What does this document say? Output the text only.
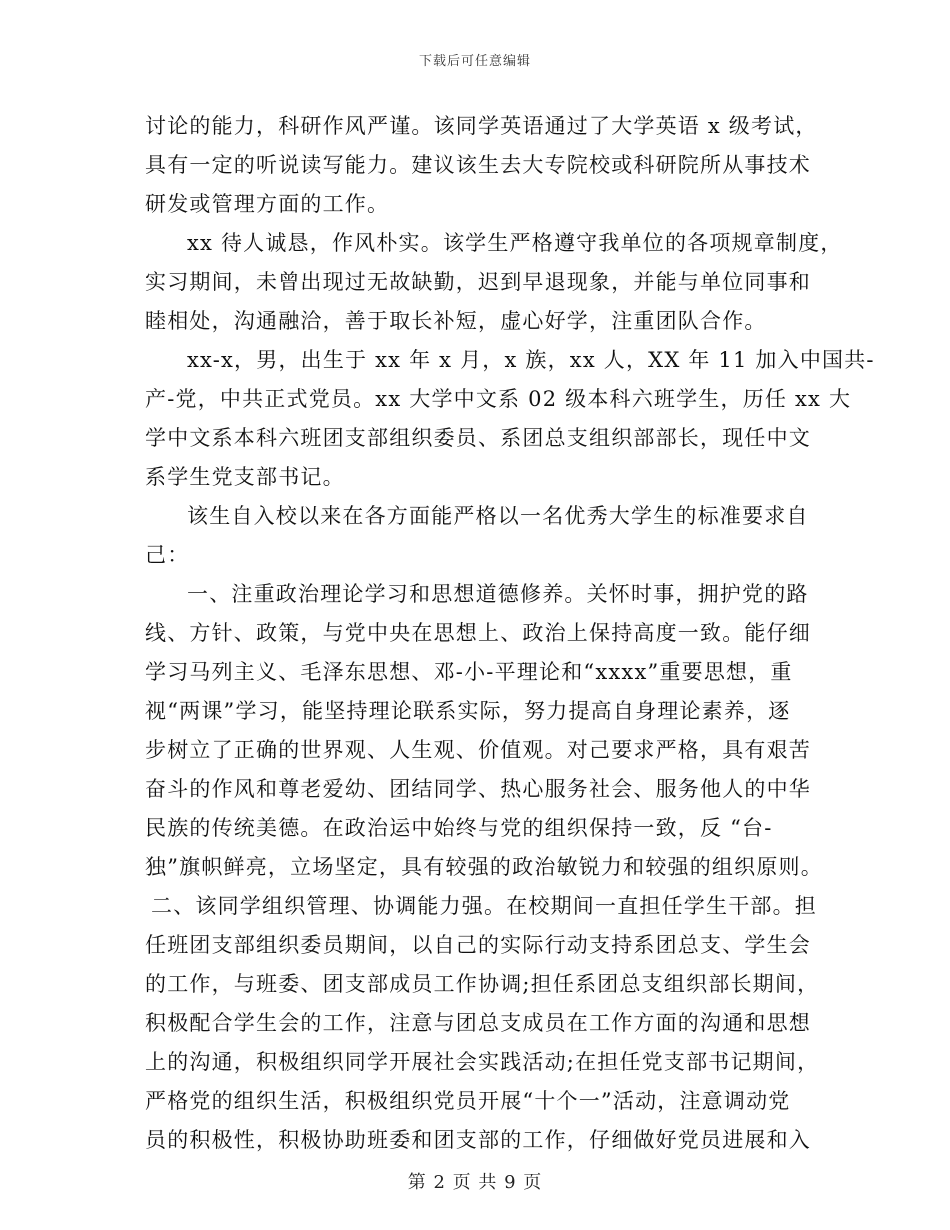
下载后可任意编辑
讨论的能力，科研作风严谨。该同学英语通过了大学英语 x 级考试，
具有一定的听说读写能力。建议该生去大专院校或科研院所从事技术
研发或管理方面的工作。
xx 待人诚恳，作风朴实。该学生严格遵守我单位的各项规章制度，
实习期间，未曾出现过无故缺勤，迟到早退现象，并能与单位同事和
睦相处，沟通融洽，善于取长补短，虚心好学，注重团队合作。
xx-x，男，出生于 xx 年 x 月，x 族，xx 人，XX 年 11 加入中国共-
产-党，中共正式党员。xx 大学中文系 02 级本科六班学生，历任 xx 大
学中文系本科六班团支部组织委员、系团总支组织部部长，现任中文
系学生党支部书记。
该生自入校以来在各方面能严格以一名优秀大学生的标准要求自
己：
一、注重政治理论学习和思想道德修养。关怀时事，拥护党的路
线、方针、政策，与党中央在思想上、政治上保持高度一致。能仔细
学习马列主义、毛泽东思想、邓-小-平理论和“xxxx”重要思想，重
视“两课”学习，能坚持理论联系实际，努力提高自身理论素养，逐
步树立了正确的世界观、人生观、价值观。对己要求严格，具有艰苦
奋斗的作风和尊老爱幼、团结同学、热心服务社会、服务他人的中华
民族的传统美德。在政治运中始终与党的组织保持一致，反 “台-
独”旗帜鲜亮，立场坚定，具有较强的政治敏锐力和较强的组织原则。
二、该同学组织管理、协调能力强。在校期间一直担任学生干部。担
任班团支部组织委员期间，以自己的实际行动支持系团总支、学生会
的工作，与班委、团支部成员工作协调;担任系团总支组织部长期间，
积极配合学生会的工作，注意与团总支成员在工作方面的沟通和思想
上的沟通，积极组织同学开展社会实践活动;在担任党支部书记期间，
严格党的组织生活，积极组织党员开展“十个一”活动，注意调动党
员的积极性，积极协助班委和团支部的工作，仔细做好党员进展和入
第 2 页 共 9 页
